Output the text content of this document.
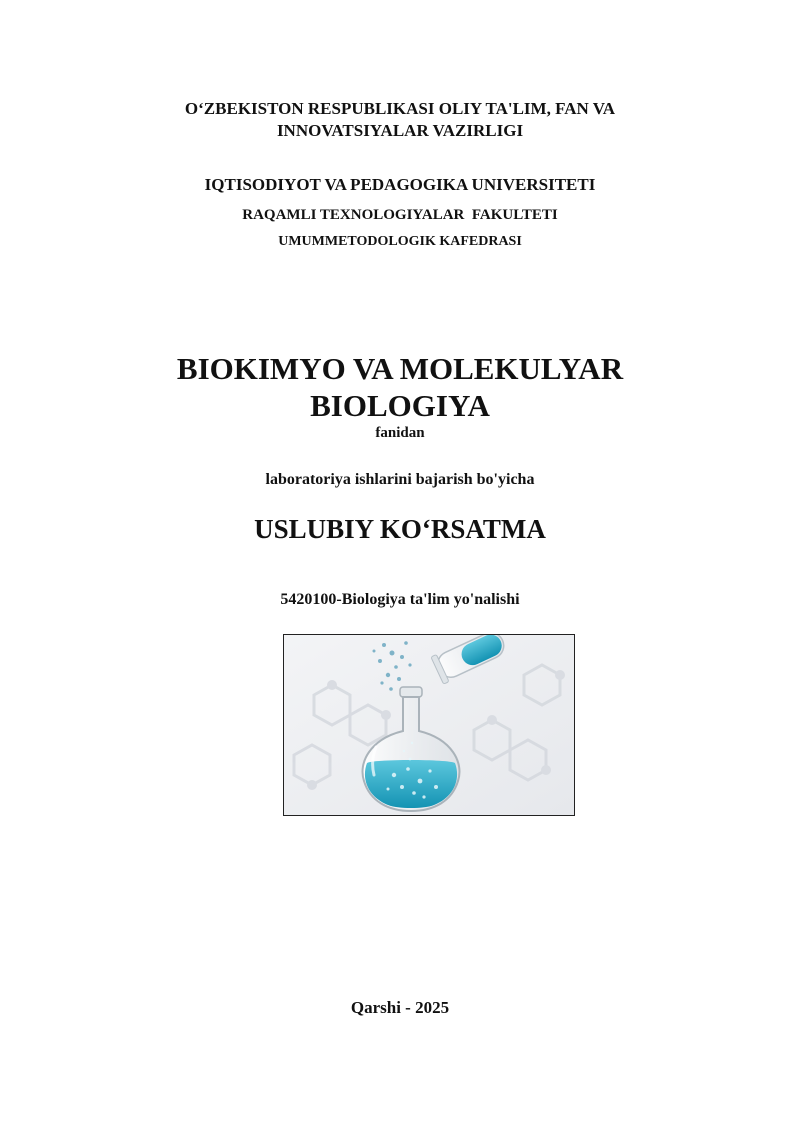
O‘ZBEKISTON RESPUBLIKASI OLIY TA'LIM, FAN VA
INNOVATSIYALAR VAZIRLIGI
IQTISODIYOT VA PEDAGOGIKA UNIVERSITETI
RAQAMLI TEXNOLOGIYALAR  FAKULTETI
UMUMMETODOLOGIK KAFEDRASI
BIOKIMYO VA MOLEKULYAR
BIOLOGIYA
fanidan
laboratoriya ishlarini bajarish bo'yicha
USLUBIY KO‘RSATMA
5420100-Biologiya ta'lim yo'nalishi
Qarshi - 2025
